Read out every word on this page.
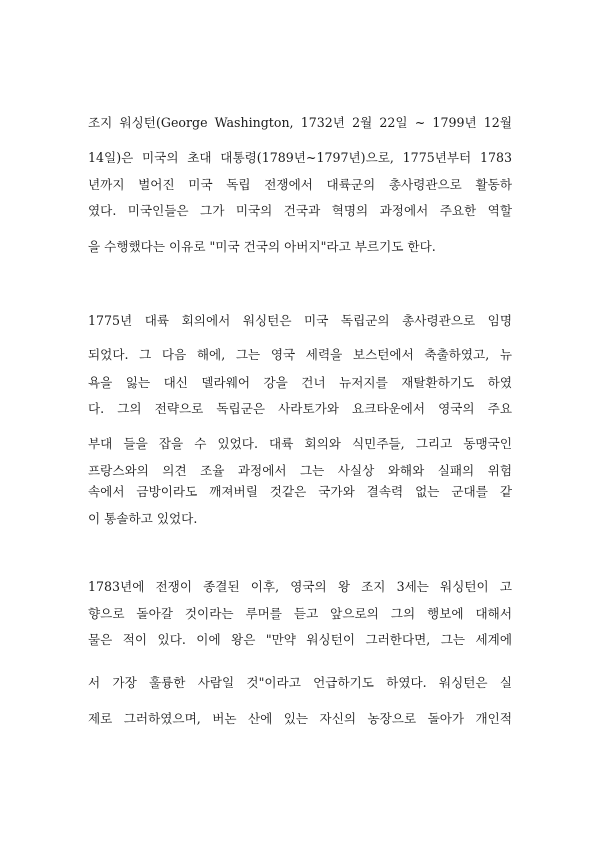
조지 워싱턴(George Washington, 1732년 2월 22일 ~ 1799년 12월
14일)은 미국의 초대 대통령(1789년~1797년)으로, 1775년부터 1783
년까지 벌어진 미국 독립 전쟁에서 대륙군의 총사령관으로 활동하
였다. 미국인들은 그가 미국의 건국과 혁명의 과정에서 주요한 역할
을 수행했다는 이유로 "미국 건국의 아버지"라고 부르기도 한다.
1775년 대륙 회의에서 워싱턴은 미국 독립군의 총사령관으로 임명
되었다. 그 다음 해에, 그는 영국 세력을 보스턴에서 축출하였고, 뉴
욕을 잃는 대신 델라웨어 강을 건너 뉴저지를 재탈환하기도 하였
다. 그의 전략으로 독립군은 사라토가와 요크타운에서 영국의 주요
부대 들을 잡을 수 있었다. 대륙 회의와 식민주들, 그리고 동맹국인
프랑스와의 의견 조율 과정에서 그는 사실상 와해와 실패의 위험
속에서 금방이라도 깨져버릴 것같은 국가와 결속력 없는 군대를 같
이 통솔하고 있었다.
1783년에 전쟁이 종결된 이후, 영국의 왕 조지 3세는 워싱턴이 고
향으로 돌아갈 것이라는 루머를 듣고 앞으로의 그의 행보에 대해서
물은 적이 있다. 이에 왕은 "만약 워싱턴이 그러한다면, 그는 세계에
서 가장 훌륭한 사람일 것"이라고 언급하기도 하였다. 워싱턴은 실
제로 그러하였으며, 버논 산에 있는 자신의 농장으로 돌아가 개인적
